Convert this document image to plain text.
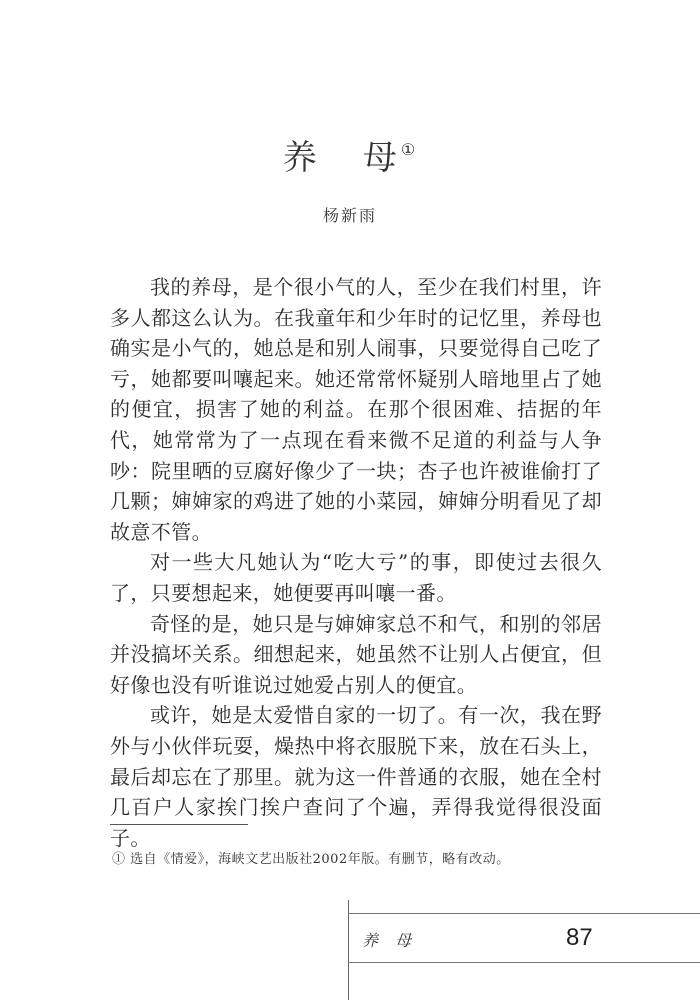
养 母 ①
杨新雨

我的养母，是个很小气的人，至少在我们村里，许多人都这么认为。在我童年和少年时的记忆里，养母也确实是小气的，她总是和别人闹事，只要觉得自己吃了亏，她都要叫嚷起来。她还常常怀疑别人暗地里占了她的便宜，损害了她的利益。在那个很困难、拮据的年代，她常常为了一点现在看来微不足道的利益与人争吵：院里晒的豆腐好像少了一块；杏子也许被谁偷打了几颗；婶婶家的鸡进了她的小菜园，婶婶分明看见了却故意不管。

对一些大凡她认为“吃大亏”的事，即使过去很久了，只要想起来，她便要再叫嚷一番。

奇怪的是，她只是与婶婶家总不和气，和别的邻居并没搞坏关系。细想起来，她虽然不让别人占便宜，但好像也没有听谁说过她爱占别人的便宜。

或许，她是太爱惜自家的一切了。有一次，我在野外与小伙伴玩耍，燥热中将衣服脱下来，放在石头上，最后却忘在了那里。就为这一件普通的衣服，她在全村几百户人家挨门挨户查问了个遍，弄得我觉得很没面子。

① 选自《情爱》，海峡文艺出版社2002年版。有删节，略有改动。
养 母	87
